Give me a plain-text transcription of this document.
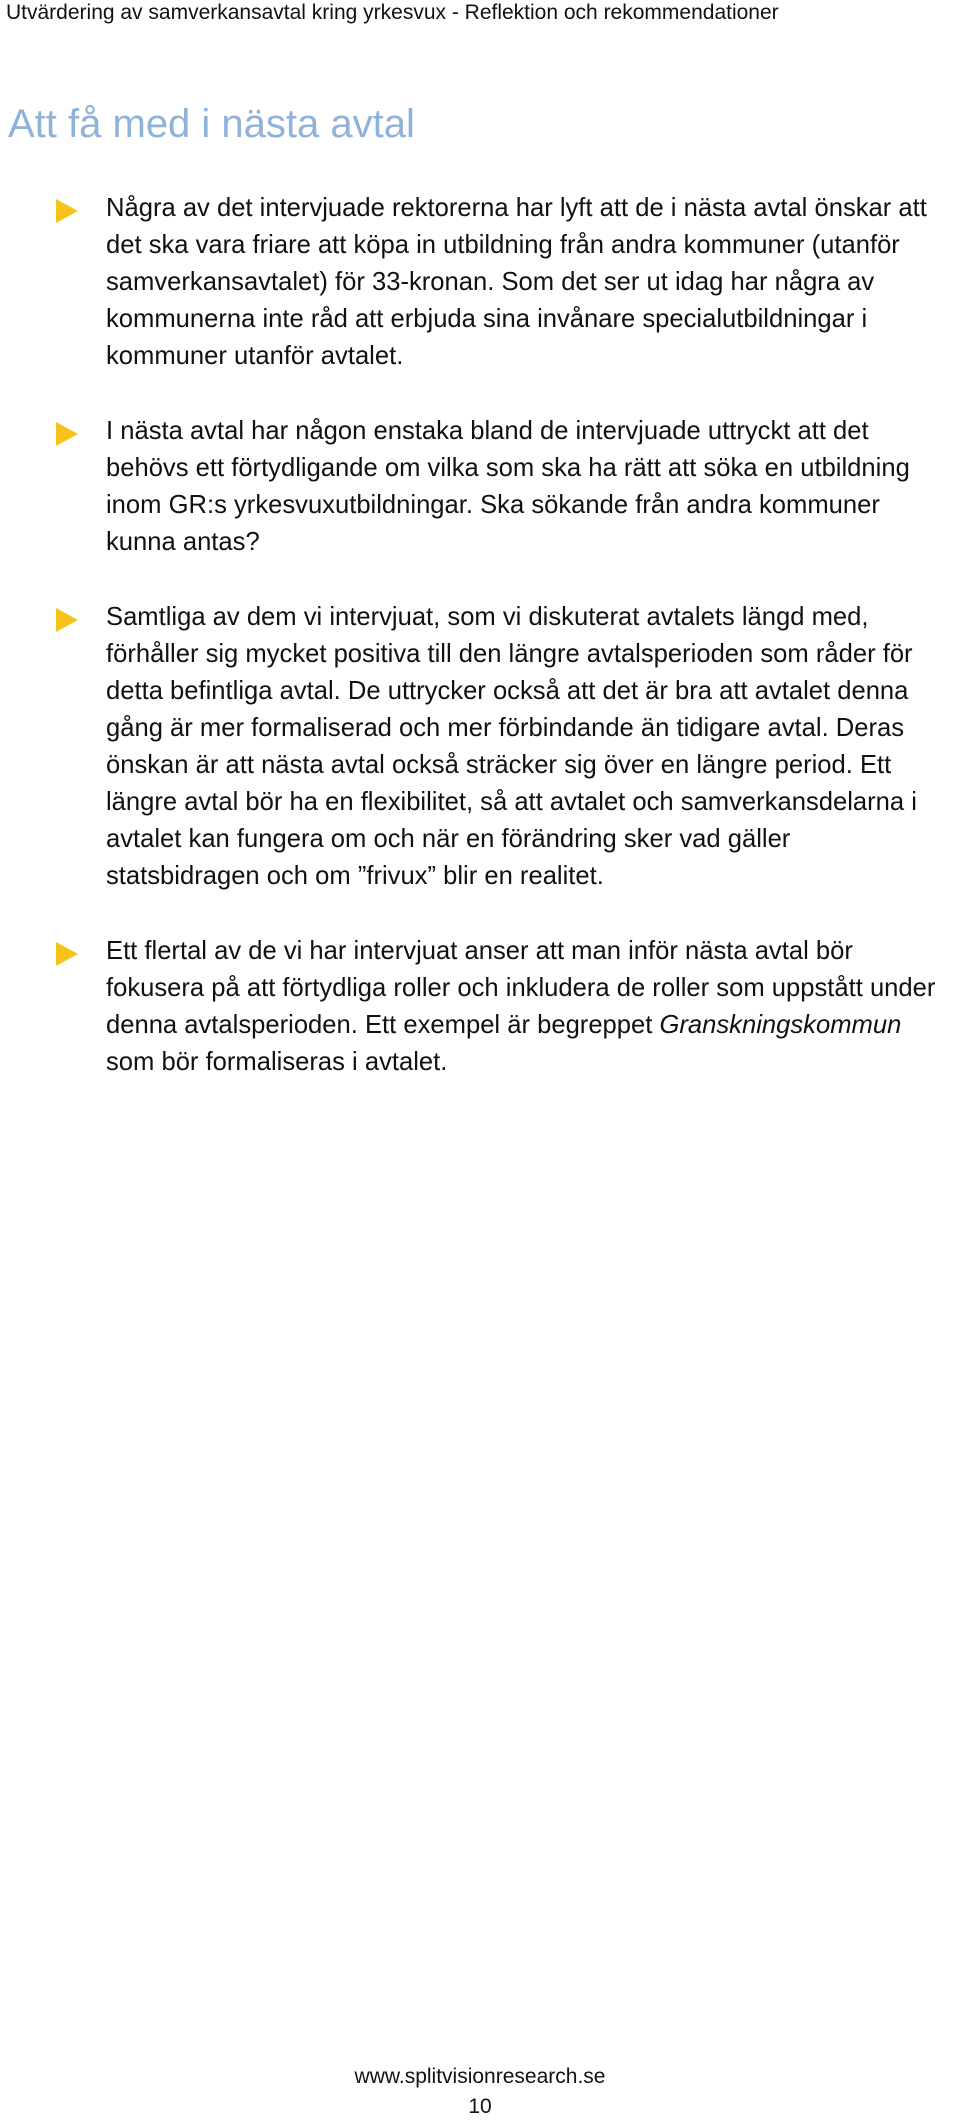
Utvärdering av samverkansavtal kring yrkesvux - Reflektion och rekommendationer
Att få med i nästa avtal
Några av det intervjuade rektorerna har lyft att de i nästa avtal önskar att det ska vara friare att köpa in utbildning från andra kommuner (utanför samverkansavtalet) för 33-kronan. Som det ser ut idag har några av kommunerna inte råd att erbjuda sina invånare specialutbildningar i kommuner utanför avtalet.
I nästa avtal har någon enstaka bland de intervjuade uttryckt att det behövs ett förtydligande om vilka som ska ha rätt att söka en utbildning inom GR:s yrkesvuxutbildningar. Ska sökande från andra kommuner kunna antas?
Samtliga av dem vi intervjuat, som vi diskuterat avtalets längd med, förhåller sig mycket positiva till den längre avtalsperioden som råder för detta befintliga avtal. De uttrycker också att det är bra att avtalet denna gång är mer formaliserad och mer förbindande än tidigare avtal. Deras önskan är att nästa avtal också sträcker sig över en längre period. Ett längre avtal bör ha en flexibilitet, så att avtalet och samverkansdelarna i avtalet kan fungera om och när en förändring sker vad gäller statsbidragen och om ”frivux” blir en realitet.
Ett flertal av de vi har intervjuat anser att man inför nästa avtal bör fokusera på att förtydliga roller och inkludera de roller som uppstått under denna avtalsperioden. Ett exempel är begreppet Granskningskommun som bör formaliseras i avtalet.
www.splitvisionresearch.se
10
